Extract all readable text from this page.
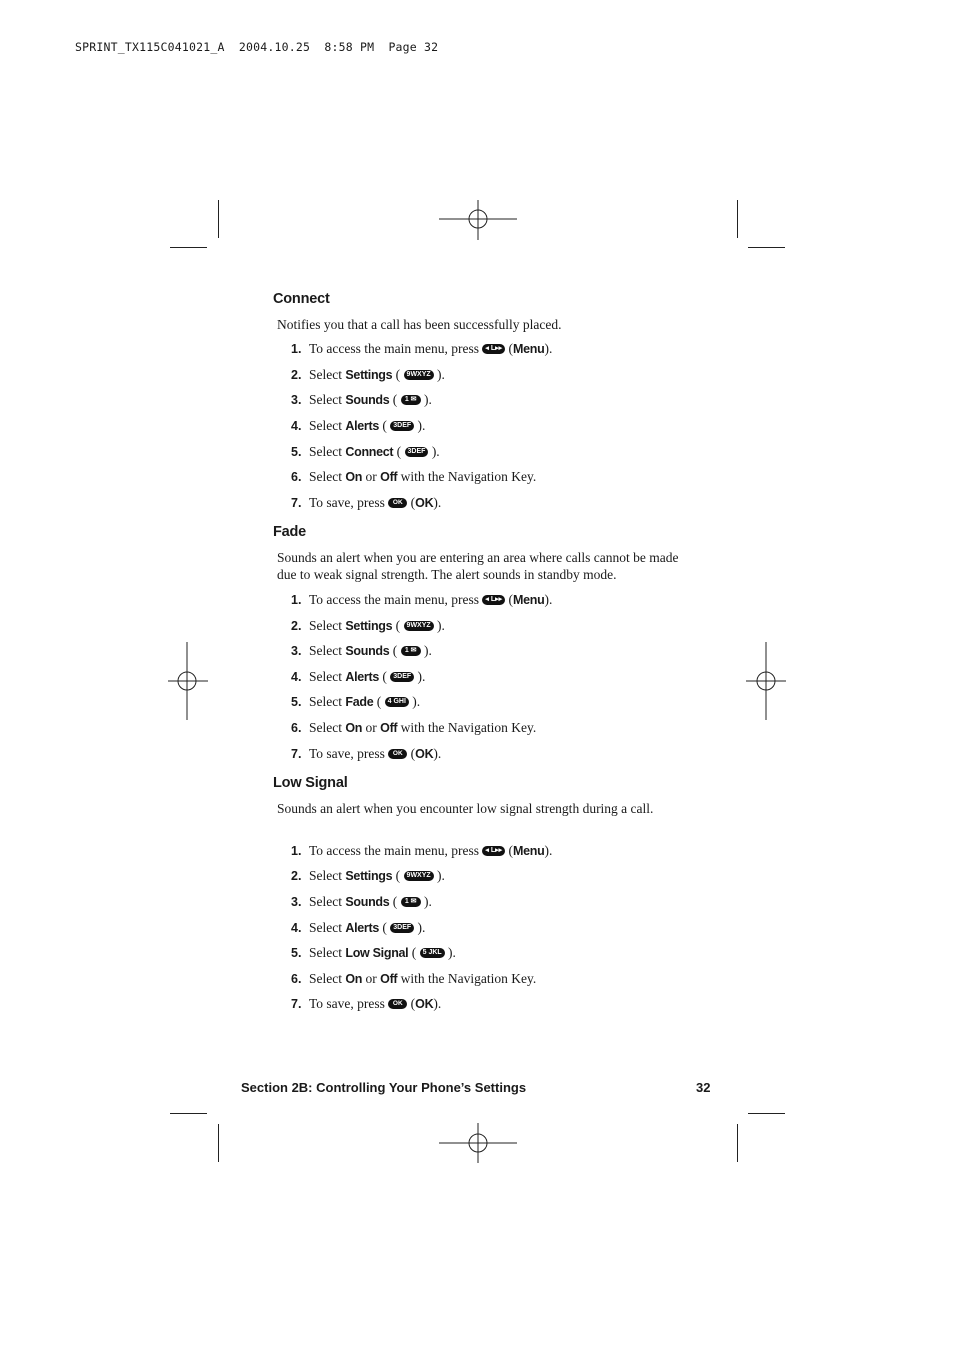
SPRINT_TX115C041021_A  2004.10.25  8:58 PM  Page 32
Connect
Notifies you that a call has been successfully placed.
1. To access the main menu, press ◂ L▸▸ (Menu).
2. Select Settings ( 9WXYZ ).
3. Select Sounds ( 1 ✉ ).
4. Select Alerts ( 3DEF ).
5. Select Connect ( 3DEF ).
6. Select On or Off with the Navigation Key.
7. To save, press OK (OK).
Fade
Sounds an alert when you are entering an area where calls cannot be made due to weak signal strength. The alert sounds in standby mode.
1. To access the main menu, press ◂ L▸▸ (Menu).
2. Select Settings ( 9WXYZ ).
3. Select Sounds ( 1 ✉ ).
4. Select Alerts ( 3DEF ).
5. Select Fade ( 4 GHI ).
6. Select On or Off with the Navigation Key.
7. To save, press OK (OK).
Low Signal
Sounds an alert when you encounter low signal strength during a call.
1. To access the main menu, press ◂ L▸▸ (Menu).
2. Select Settings ( 9WXYZ ).
3. Select Sounds ( 1 ✉ ).
4. Select Alerts ( 3DEF ).
5. Select Low Signal ( 5 JKL ).
6. Select On or Off with the Navigation Key.
7. To save, press OK (OK).
Section 2B: Controlling Your Phone’s Settings	32
